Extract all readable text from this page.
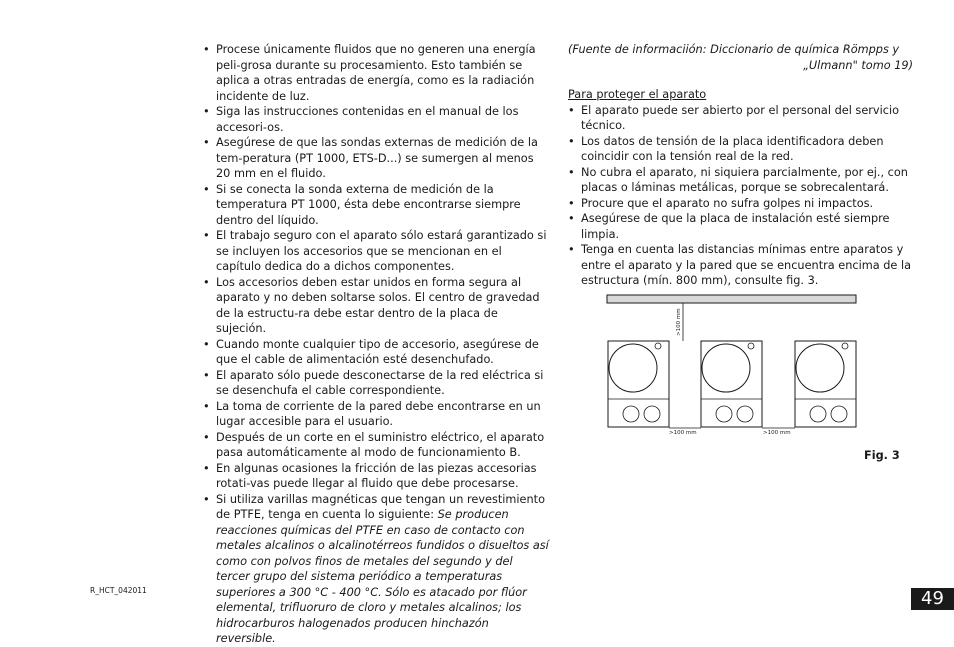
• Procese únicamente fluidos que no generen una energía peli-grosa durante su procesamiento. Esto también se aplica a otras entradas de energía, como es la radiación incidente de luz.
• Siga las instrucciones contenidas en el manual de los accesori-os.
• Asegúrese de que las sondas externas de medición de la tem-peratura (PT 1000, ETS-D...) se sumergen al menos 20 mm en el fluido.
• Si se conecta la sonda externa de medición de la temperatura PT 1000, ésta debe encontrarse siempre dentro del líquido.
• El trabajo seguro con el aparato sólo estará garantizado si se incluyen los accesorios que se mencionan en el capítulo dedica do a dichos componentes.
• Los accesorios deben estar unidos en forma segura al aparato y no deben soltarse solos. El centro de gravedad de la estructu-ra debe estar dentro de la placa de sujeción.
• Cuando monte cualquier tipo de accesorio, asegúrese de que el cable de alimentación esté desenchufado.
• El aparato sólo puede desconectarse de la red eléctrica si se desenchufa el cable correspondiente.
• La toma de corriente de la pared debe encontrarse en un lugar accesible para el usuario.
• Después de un corte en el suministro eléctrico, el aparato pasa automáticamente al modo de funcionamiento B.
• En algunas ocasiones la fricción de las piezas accesorias rotati-vas puede llegar al fluido que debe procesarse.
• Si utiliza varillas magnéticas que tengan un revestimiento de PTFE, tenga en cuenta lo siguiente: Se producen reacciones químicas del PTFE en caso de contacto con metales alcalinos o alcalinotérreos fundidos o disueltos así como con polvos finos de metales del segundo y del tercer grupo del sistema periódico a temperaturas superiores a 300 °C - 400 °C. Sólo es atacado por flúor elemental, trifluoruro de cloro y metales alcalinos; los hidrocarburos halogenados producen hinchazón reversible.
(Fuente de informaciión: Diccionario de química Römpps y
„Ulmann" tomo 19)
Para proteger el aparato
• El aparato puede ser abierto por el personal del servicio técnico.
• Los datos de tensión de la placa identificadora deben coincidir con la tensión real de la red.
• No cubra el aparato, ni siquiera parcialmente, por ej., con placas o láminas metálicas, porque se sobrecalentará.
• Procure que el aparato no sufra golpes ni impactos.
• Asegúrese de que la placa de instalación esté siempre limpia.
• Tenga en cuenta las distancias mínimas entre aparatos y entre el aparato y la pared que se encuentra encima de la estructura (mín. 800 mm), consulte fig. 3.
>100 mm
>100 mm	>100 mm
Fig. 3
R_HCT_042011	49
